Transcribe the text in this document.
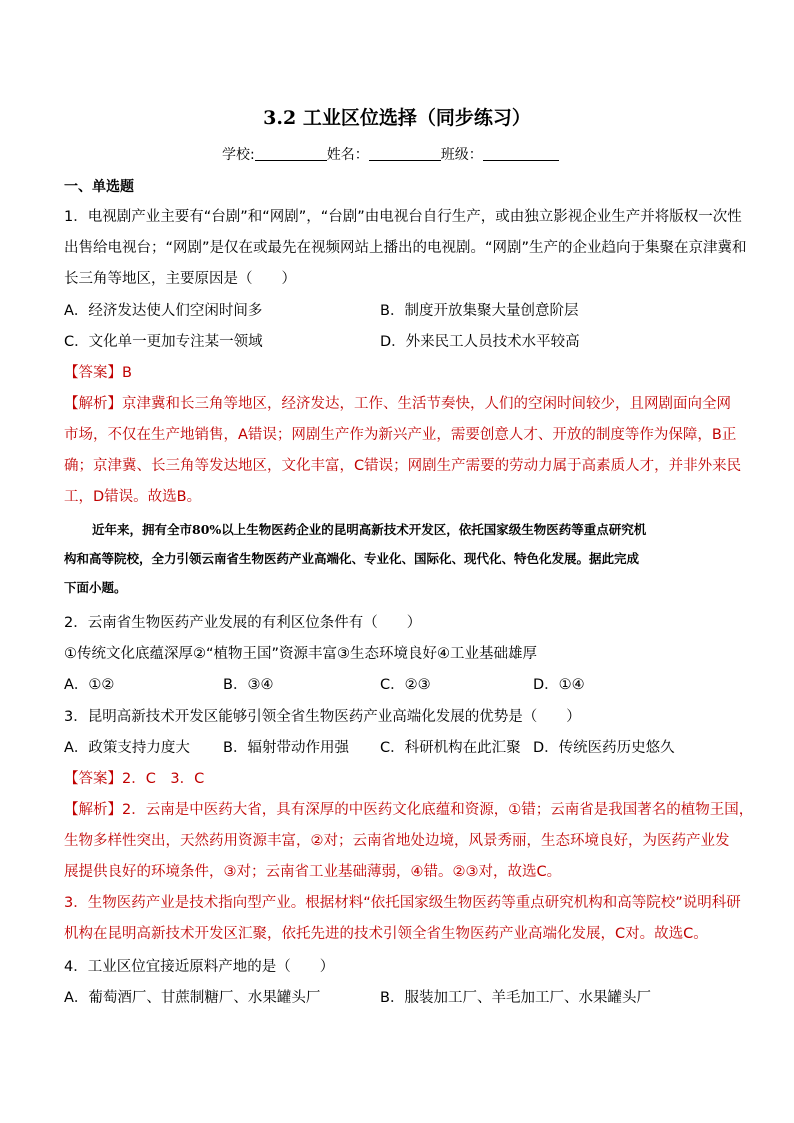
3.2 工业区位选择（同步练习）
学校:	姓名：	班级：
一、单选题
1．电视剧产业主要有“台剧”和“网剧”，“台剧”由电视台自行生产，或由独立影视企业生产并将版权一次性
出售给电视台；“网剧”是仅在或最先在视频网站上播出的电视剧。“网剧”生产的企业趋向于集聚在京津冀和
长三角等地区，主要原因是（　　）
A．经济发达使人们空闲时间多	B．制度开放集聚大量创意阶层
C．文化单一更加专注某一领域	D．外来民工人员技术水平较高
【答案】B
【解析】京津冀和长三角等地区，经济发达，工作、生活节奏快，人们的空闲时间较少，且网剧面向全网
市场，不仅在生产地销售，A错误；网剧生产作为新兴产业，需要创意人才、开放的制度等作为保障，B正
确；京津冀、长三角等发达地区，文化丰富，C错误；网剧生产需要的劳动力属于高素质人才，并非外来民
工，D错误。故选B。
近年来，拥有全市80%以上生物医药企业的昆明高新技术开发区，依托国家级生物医药等重点研究机
构和高等院校，全力引领云南省生物医药产业高端化、专业化、国际化、现代化、特色化发展。据此完成
下面小题。
2．云南省生物医药产业发展的有利区位条件有（　　）
①传统文化底蕴深厚②“植物王国”资源丰富③生态环境良好④工业基础雄厚
A．①②	B．③④	C．②③	D．①④
3．昆明高新技术开发区能够引领全省生物医药产业高端化发展的优势是（　　）
A．政策支持力度大 B．辐射带动作用强 C．科研机构在此汇聚 D．传统医药历史悠久
【答案】2．C　3．C
【解析】2．云南是中医药大省，具有深厚的中医药文化底蕴和资源，①错；云南省是我国著名的植物王国，
生物多样性突出，天然药用资源丰富，②对；云南省地处边境，风景秀丽，生态环境良好，为医药产业发
展提供良好的环境条件，③对；云南省工业基础薄弱，④错。②③对，故选C。
3．生物医药产业是技术指向型产业。根据材料“依托国家级生物医药等重点研究机构和高等院校”说明科研
机构在昆明高新技术开发区汇聚，依托先进的技术引领全省生物医药产业高端化发展，C对。故选C。
4．工业区位宜接近原料产地的是（　　）
A．葡萄酒厂、甘蔗制糖厂、水果罐头厂	B．服装加工厂、羊毛加工厂、水果罐头厂
